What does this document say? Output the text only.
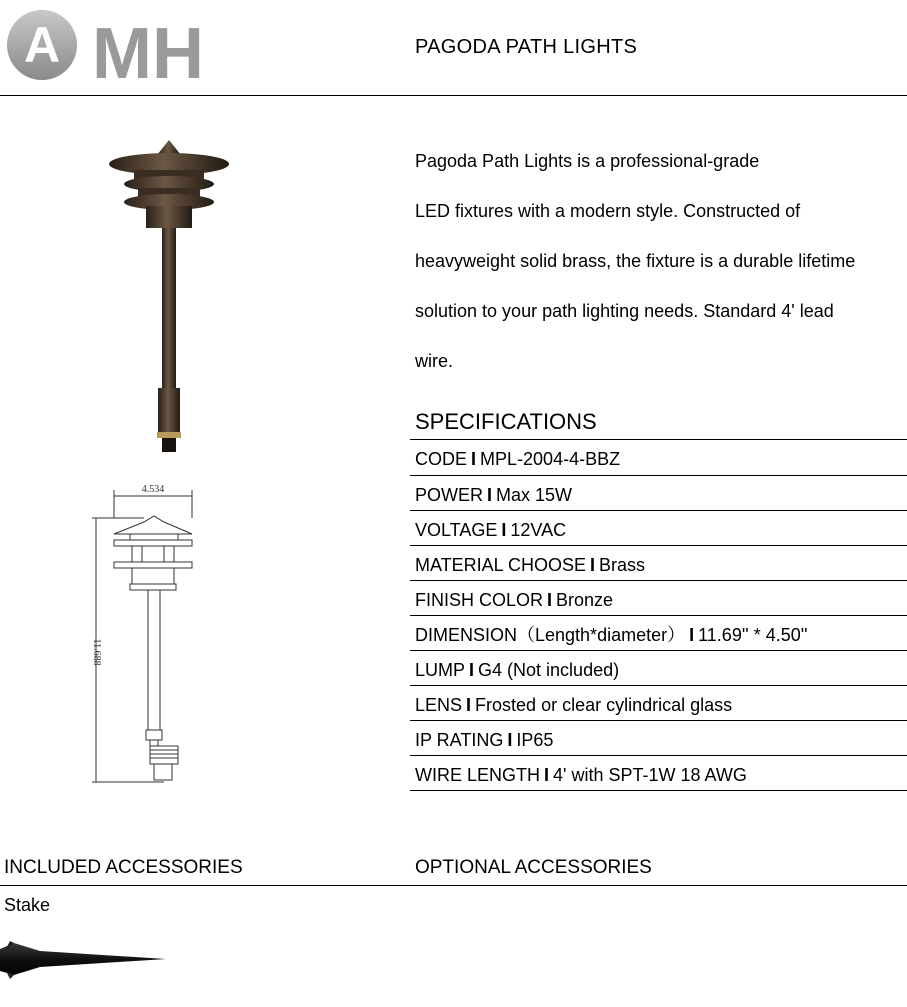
A MH	PAGODA PATH LIGHTS
4.534
11.688
Pagoda Path Lights is a professional-grade
LED fixtures with a modern style. Constructed of
heavyweight solid brass, the fixture is a durable lifetime
solution to your path lighting needs. Standard 4' lead
wire.
SPECIFICATIONS
CODE I MPL-2004-4-BBZ
POWER I Max 15W
VOLTAGE I 12VAC
MATERIAL CHOOSE I Brass
FINISH COLOR I Bronze
DIMENSION（Length*diameter） I 11.69'' * 4.50''
LUMP I G4 (Not included)
LENS I Frosted or clear cylindrical glass
IP RATING I IP65
WIRE LENGTH I 4' with SPT-1W 18 AWG
INCLUDED ACCESSORIES	OPTIONAL ACCESSORIES
Stake
